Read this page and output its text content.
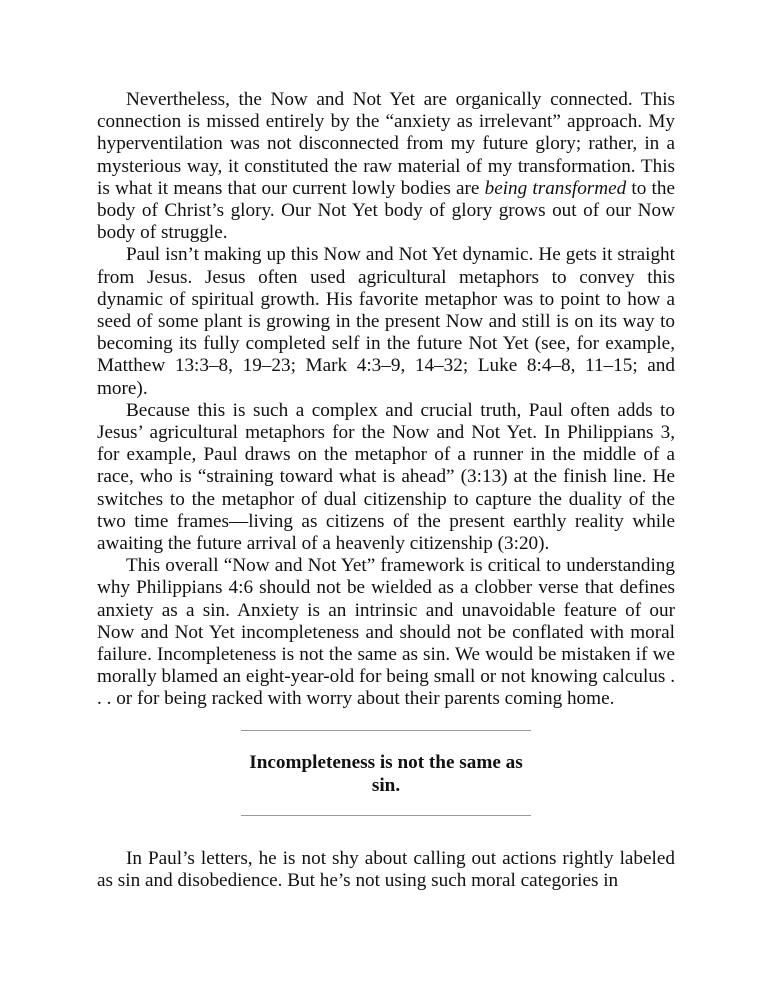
Nevertheless, the Now and Not Yet are organically connected. This connection is missed entirely by the “anxiety as irrelevant” approach. My hyperventilation was not disconnected from my future glory; rather, in a mysterious way, it constituted the raw material of my transformation. This is what it means that our current lowly bodies are being transformed to the body of Christ’s glory. Our Not Yet body of glory grows out of our Now body of struggle.

Paul isn’t making up this Now and Not Yet dynamic. He gets it straight from Jesus. Jesus often used agricultural metaphors to convey this dynamic of spiritual growth. His favorite metaphor was to point to how a seed of some plant is growing in the present Now and still is on its way to becoming its fully completed self in the future Not Yet (see, for example, Matthew 13:3–8, 19–23; Mark 4:3–9, 14–32; Luke 8:4–8, 11–15; and more).

Because this is such a complex and crucial truth, Paul often adds to Jesus’ agricultural metaphors for the Now and Not Yet. In Philippians 3, for example, Paul draws on the metaphor of a runner in the middle of a race, who is “straining toward what is ahead” (3:13) at the finish line. He switches to the metaphor of dual citizenship to capture the duality of the two time frames—living as citizens of the present earthly reality while awaiting the future arrival of a heavenly citizenship (3:20).

This overall “Now and Not Yet” framework is critical to understanding why Philippians 4:6 should not be wielded as a clobber verse that defines anxiety as a sin. Anxiety is an intrinsic and unavoidable feature of our Now and Not Yet incompleteness and should not be conflated with moral failure. Incompleteness is not the same as sin. We would be mistaken if we morally blamed an eight-year-old for being small or not knowing calculus . . . or for being racked with worry about their parents coming home.

Incompleteness is not the same as
sin.

In Paul’s letters, he is not shy about calling out actions rightly labeled as sin and disobedience. But he’s not using such moral categories in
